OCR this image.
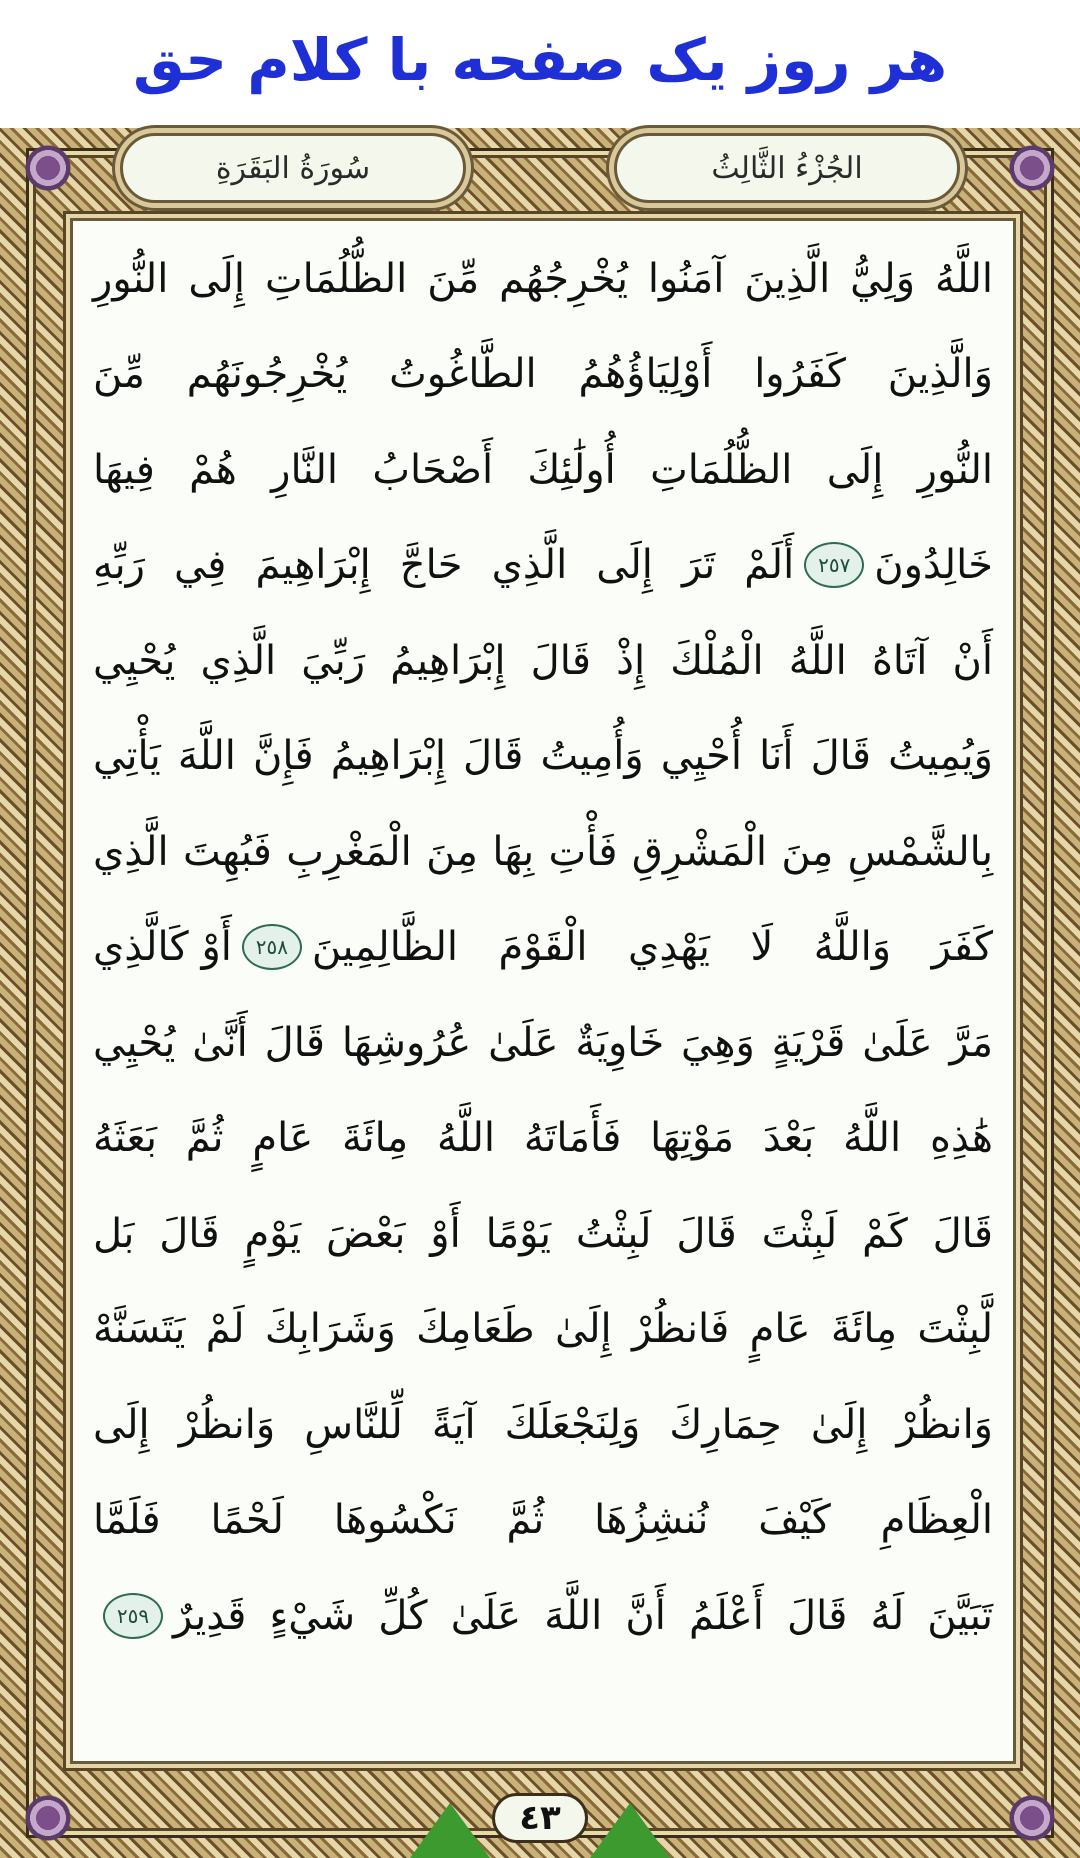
هر روز یک صفحه با کلام حق
سُورَةُ البَقَرَةِ	الجُزْءُ الثَّالِثُ
اللَّهُ وَلِيُّ الَّذِينَ آمَنُوا يُخْرِجُهُم مِّنَ الظُّلُمَاتِ إِلَى النُّورِ
وَالَّذِينَ كَفَرُوا أَوْلِيَاؤُهُمُ الطَّاغُوتُ يُخْرِجُونَهُم مِّنَ
النُّورِ إِلَى الظُّلُمَاتِ أُولَٰئِكَ أَصْحَابُ النَّارِ هُمْ فِيهَا
خَالِدُونَ
٢٥٧
أَلَمْ تَرَ إِلَى الَّذِي حَاجَّ إِبْرَاهِيمَ فِي رَبِّهِ
أَنْ آتَاهُ اللَّهُ الْمُلْكَ إِذْ قَالَ إِبْرَاهِيمُ رَبِّيَ الَّذِي يُحْيِي
وَيُمِيتُ قَالَ أَنَا أُحْيِي وَأُمِيتُ قَالَ إِبْرَاهِيمُ فَإِنَّ اللَّهَ يَأْتِي
بِالشَّمْسِ مِنَ الْمَشْرِقِ فَأْتِ بِهَا مِنَ الْمَغْرِبِ فَبُهِتَ الَّذِي
كَفَرَ وَاللَّهُ لَا يَهْدِي الْقَوْمَ الظَّالِمِينَ
٢٥٨
أَوْ كَالَّذِي
مَرَّ عَلَىٰ قَرْيَةٍ وَهِيَ خَاوِيَةٌ عَلَىٰ عُرُوشِهَا قَالَ أَنَّىٰ يُحْيِي
هَٰذِهِ اللَّهُ بَعْدَ مَوْتِهَا فَأَمَاتَهُ اللَّهُ مِائَةَ عَامٍ ثُمَّ بَعَثَهُ
قَالَ كَمْ لَبِثْتَ قَالَ لَبِثْتُ يَوْمًا أَوْ بَعْضَ يَوْمٍ قَالَ بَل
لَّبِثْتَ مِائَةَ عَامٍ فَانظُرْ إِلَىٰ طَعَامِكَ وَشَرَابِكَ لَمْ يَتَسَنَّهْ
وَانظُرْ إِلَىٰ حِمَارِكَ وَلِنَجْعَلَكَ آيَةً لِّلنَّاسِ وَانظُرْ إِلَى
الْعِظَامِ كَيْفَ نُنشِزُهَا ثُمَّ نَكْسُوهَا لَحْمًا فَلَمَّا
تَبَيَّنَ لَهُ قَالَ أَعْلَمُ أَنَّ اللَّهَ عَلَىٰ كُلِّ شَيْءٍ قَدِيرٌ
٢٥٩
٤٣
